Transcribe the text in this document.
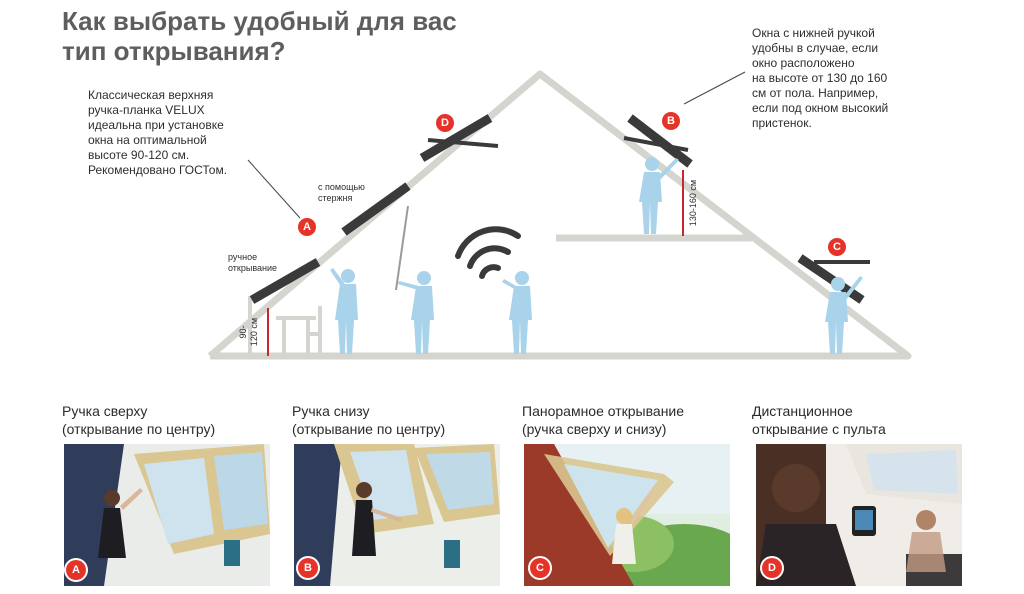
Как выбрать удобный для вас
тип открывания?
Классическая верхняя
ручка-планка VELUX
идеальна при установке
окна на оптимальной
высоте 90-120 см.
Рекомендовано ГОСТом.
Окна с нижней ручкой
удобны в случае, если
окно расположено
на высоте от 130 до 160
см от пола. Например,
если под окном высокий
пристенок.
ручное
открывание
с помощью
стержня
90- 120 см
130-160 см
A
D	B
C
Ручка сверху
(открывание по центру)
Ручка снизу
(открывание по центру)
Панорамное открывание
(ручка сверху и снизу)
Дистанционное
открывание с пульта
A	B	C	D
